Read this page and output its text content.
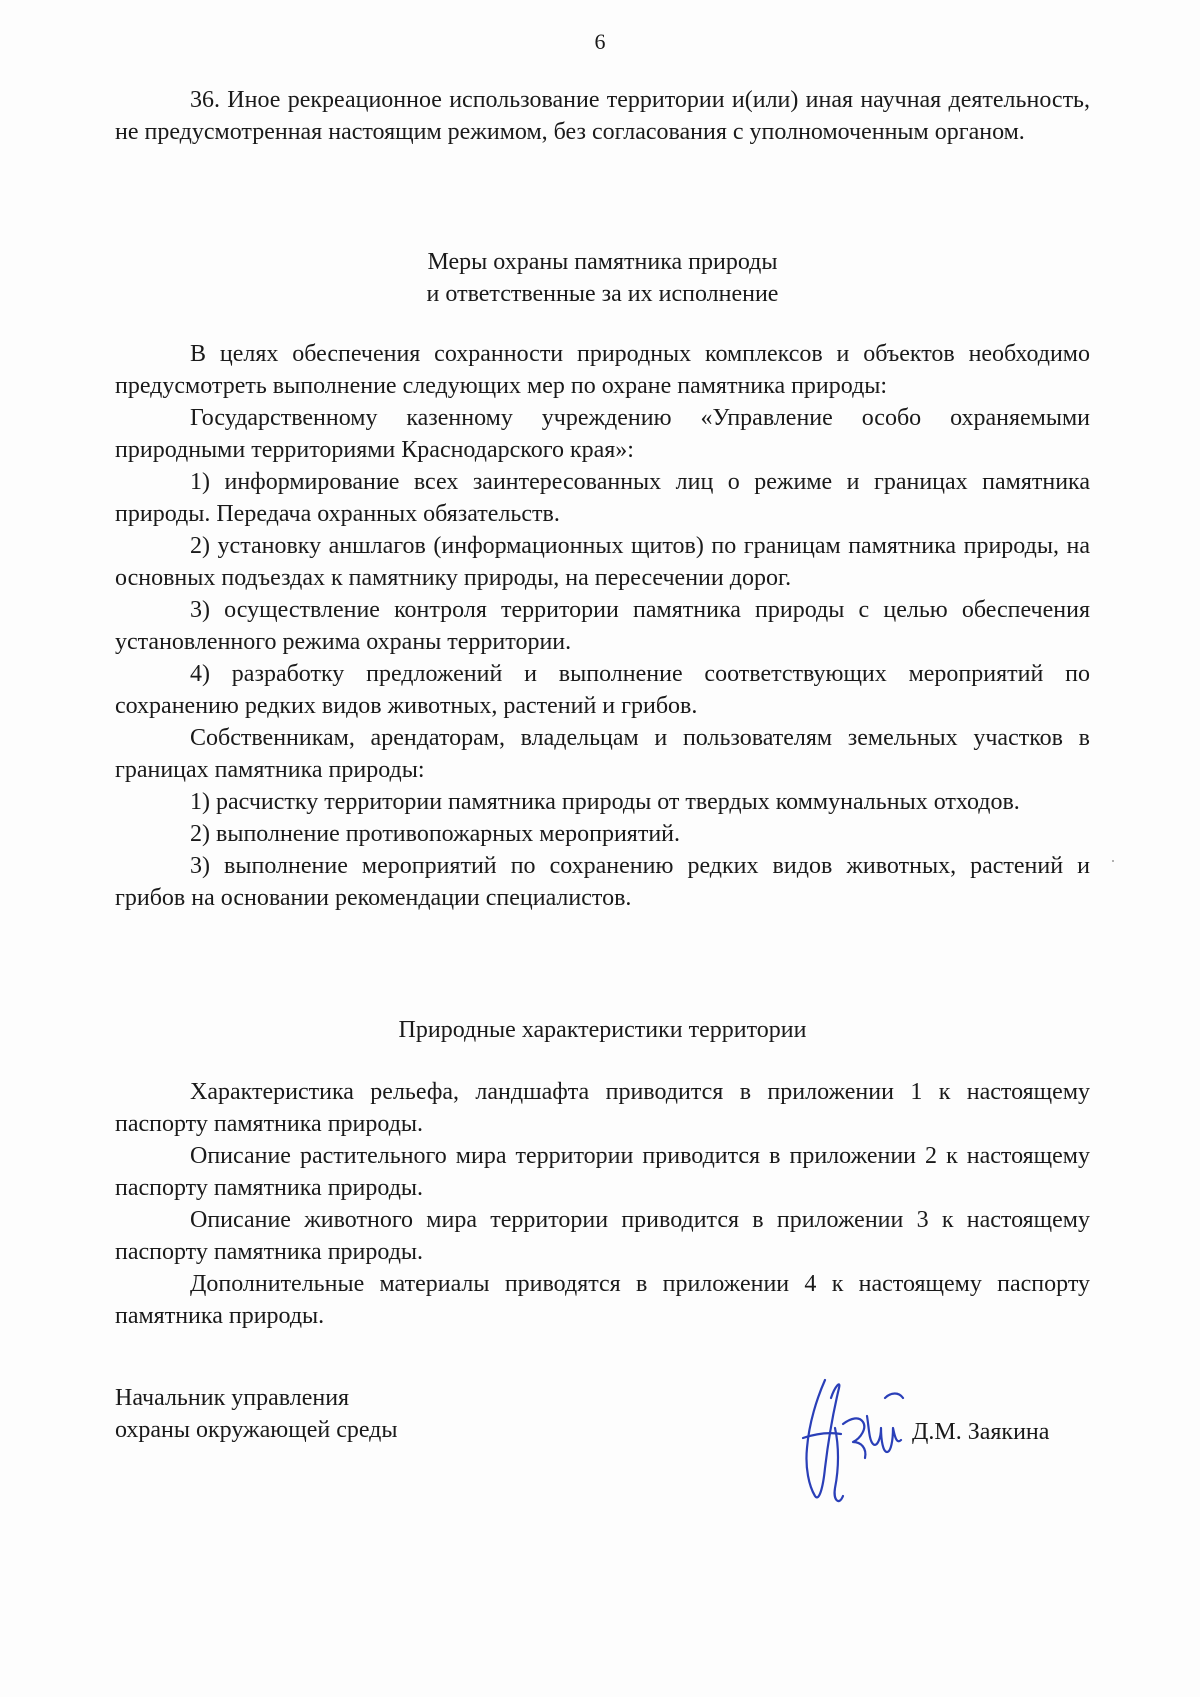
6

36. Иное рекреационное использование территории и(или) иная научная деятельность, не предусмотренная настоящим режимом, без согласования с уполномоченным органом.

Меры охраны памятника природы

и ответственные за их исполнение

В целях обеспечения сохранности природных комплексов и объектов необходимо предусмотреть выполнение следующих мер по охране памятника природы:

Государственному казенному учреждению «Управление особо охраняемыми природными территориями Краснодарского края»:

1) информирование всех заинтересованных лиц о режиме и границах памятника природы. Передача охранных обязательств.

2) установку аншлагов (информационных щитов) по границам памятника природы, на основных подъездах к памятнику природы, на пересечении дорог.

3) осуществление контроля территории памятника природы с целью обеспечения установленного режима охраны территории.

4) разработку предложений и выполнение соответствующих мероприятий по сохранению редких видов животных, растений и грибов.

Собственникам, арендаторам, владельцам и пользователям земельных участков в границах памятника природы:

1) расчистку территории памятника природы от твердых коммунальных отходов.

2) выполнение противопожарных мероприятий.

3) выполнение мероприятий по сохранению редких видов животных, растений и грибов на основании рекомендации специалистов.

Природные характеристики территории

Характеристика рельефа, ландшафта приводится в приложении 1 к настоящему паспорту памятника природы.

Описание растительного мира территории приводится в приложении 2 к настоящему паспорту памятника природы.

Описание животного мира территории приводится в приложении 3 к настоящему паспорту памятника природы.

Дополнительные материалы приводятся в приложении 4 к настоящему паспорту памятника природы.

Начальник управления
охраны окружающей среды	Д.М. Заякина
